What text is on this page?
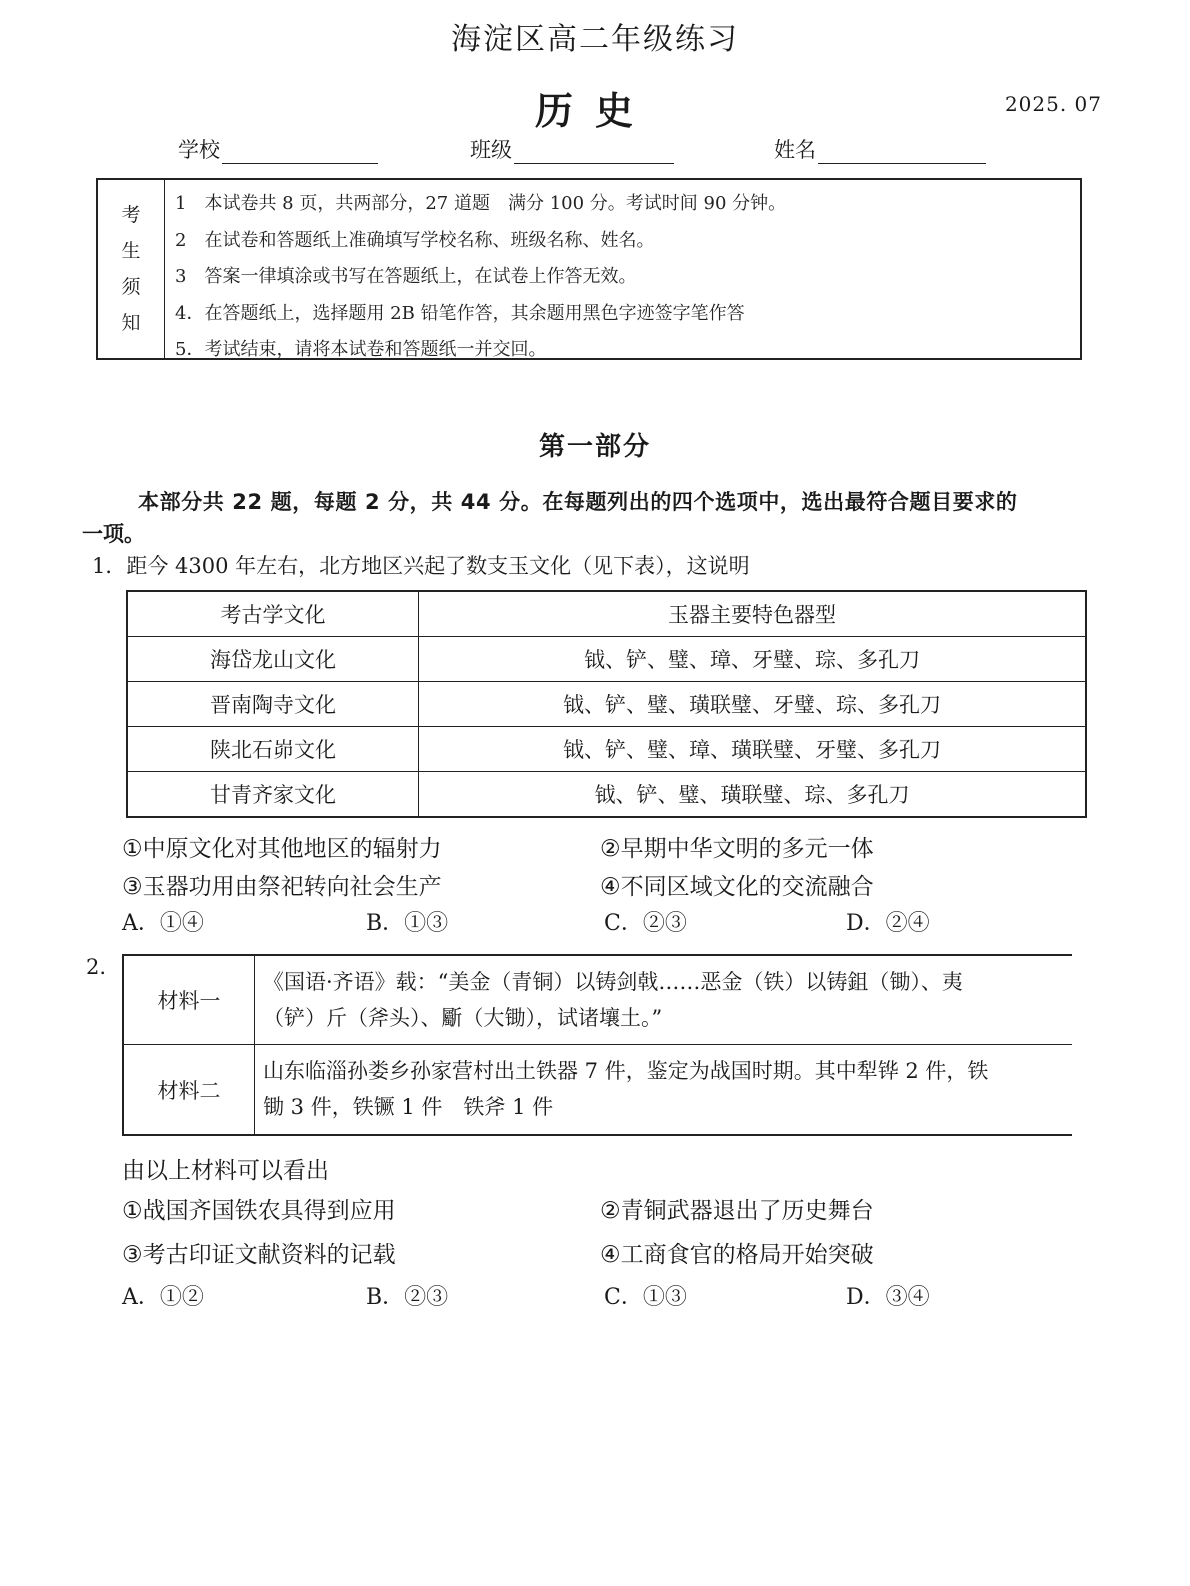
海淀区高二年级练习
历史	2025. 07
学校	班级	姓名
考
生
须
知
1　本试卷共 8 页，共两部分，27 道题　满分 100 分。考试时间 90 分钟。
2　在试卷和答题纸上准确填写学校名称、班级名称、姓名。
3　答案一律填涂或书写在答题纸上，在试卷上作答无效。
4．在答题纸上，选择题用 2B 铅笔作答，其余题用黑色字迹签字笔作答
5．考试结束，请将本试卷和答题纸一并交回。
第一部分
本部分共 22 题，每题 2 分，共 44 分。在每题列出的四个选项中，选出最符合题目要求的
一项。
1．距今 4300 年左右，北方地区兴起了数支玉文化（见下表），这说明
考古学文化	玉器主要特色器型
海岱龙山文化	钺、铲、璧、璋、牙璧、琮、多孔刀
晋南陶寺文化	钺、铲、璧、璜联璧、牙璧、琮、多孔刀
陕北石峁文化	钺、铲、璧、璋、璜联璧、牙璧、多孔刀
甘青齐家文化	钺、铲、璧、璜联璧、琮、多孔刀
①中原文化对其他地区的辐射力	②早期中华文明的多元一体
③玉器功用由祭祀转向社会生产	④不同区域文化的交流融合
A．①④	B．①③	C．②③	D．②④
2.
材料一
《国语·齐语》载：“美金（青铜）以铸剑戟……恶金（铁）以铸鉏（锄）、夷
（铲）斤（斧头）、斸（大锄），试诸壤土。”
材料二
山东临淄孙娄乡孙家营村出土铁器 7 件，鉴定为战国时期。其中犁铧 2 件，铁
锄 3 件，铁镢 1 件　铁斧 1 件
由以上材料可以看出
①战国齐国铁农具得到应用	②青铜武器退出了历史舞台
③考古印证文献资料的记载	④工商食官的格局开始突破
A．①②	B．②③	C．①③	D．③④
